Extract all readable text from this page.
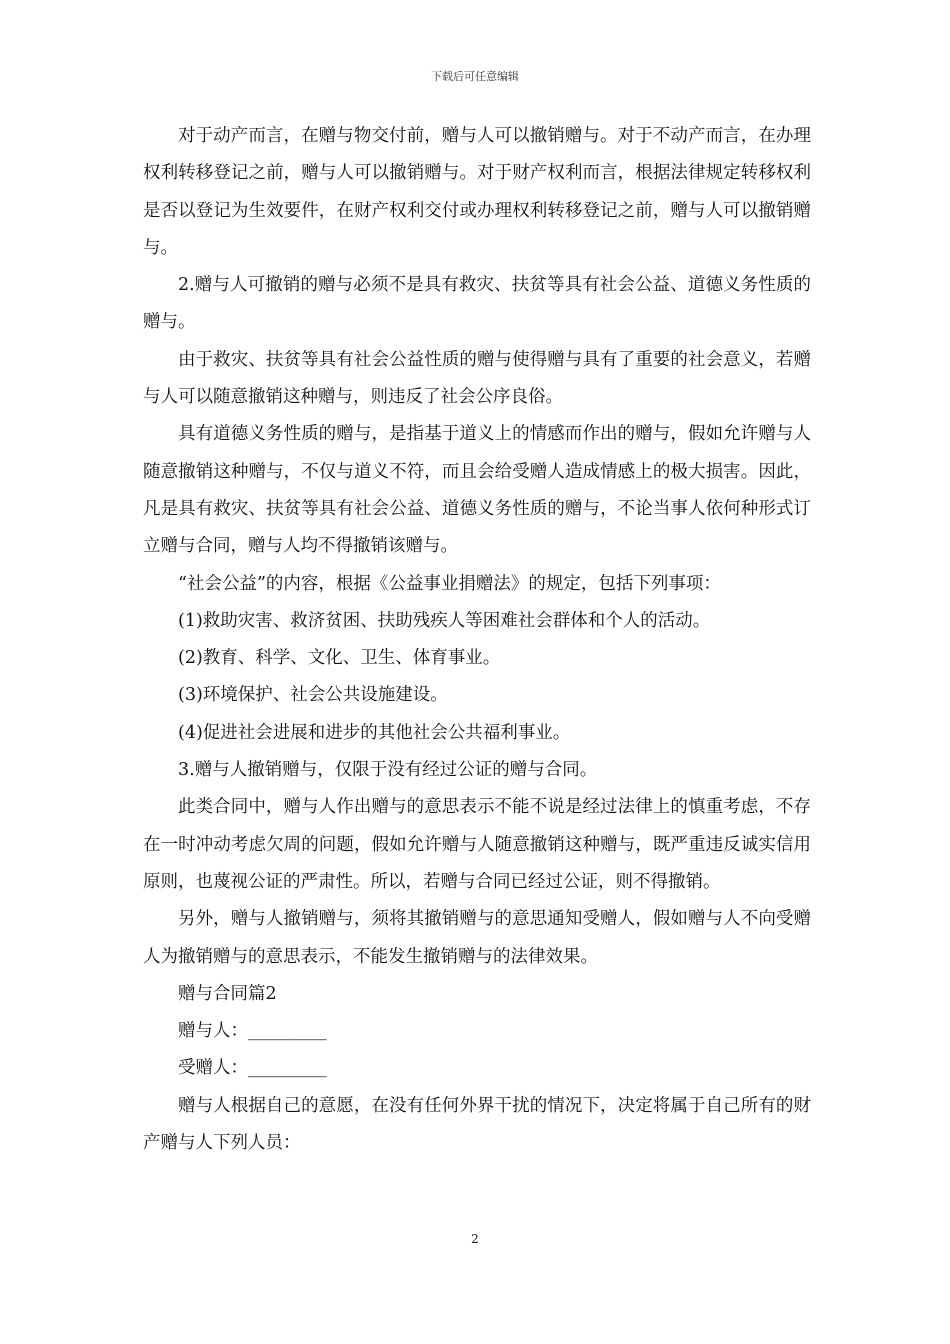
下载后可任意编辑

对于动产而言，在赠与物交付前，赠与人可以撤销赠与。对于不动产而言，在办理权利转移登记之前，赠与人可以撤销赠与。对于财产权利而言，根据法律规定转移权利是否以登记为生效要件，在财产权利交付或办理权利转移登记之前，赠与人可以撤销赠与。

2.赠与人可撤销的赠与必须不是具有救灾、扶贫等具有社会公益、道德义务性质的赠与。

由于救灾、扶贫等具有社会公益性质的赠与使得赠与具有了重要的社会意义，若赠与人可以随意撤销这种赠与，则违反了社会公序良俗。

具有道德义务性质的赠与，是指基于道义上的情感而作出的赠与，假如允许赠与人随意撤销这种赠与，不仅与道义不符，而且会给受赠人造成情感上的极大损害。因此，凡是具有救灾、扶贫等具有社会公益、道德义务性质的赠与，不论当事人依何种形式订立赠与合同，赠与人均不得撤销该赠与。

“社会公益”的内容，根据《公益事业捐赠法》的规定，包括下列事项：

(1)救助灾害、救济贫困、扶助残疾人等困难社会群体和个人的活动。

(2)教育、科学、文化、卫生、体育事业。

(3)环境保护、社会公共设施建设。

(4)促进社会进展和进步的其他社会公共福利事业。

3.赠与人撤销赠与，仅限于没有经过公证的赠与合同。

此类合同中，赠与人作出赠与的意思表示不能不说是经过法律上的慎重考虑，不存在一时冲动考虑欠周的问题，假如允许赠与人随意撤销这种赠与，既严重违反诚实信用原则，也蔑视公证的严肃性。所以，若赠与合同已经过公证，则不得撤销。

另外，赠与人撤销赠与，须将其撤销赠与的意思通知受赠人，假如赠与人不向受赠人为撤销赠与的意思表示，不能发生撤销赠与的法律效果。

赠与合同篇2

赠与人：_________

受赠人：_________

赠与人根据自己的意愿，在没有任何外界干扰的情况下，决定将属于自己所有的财产赠与人下列人员：

2
